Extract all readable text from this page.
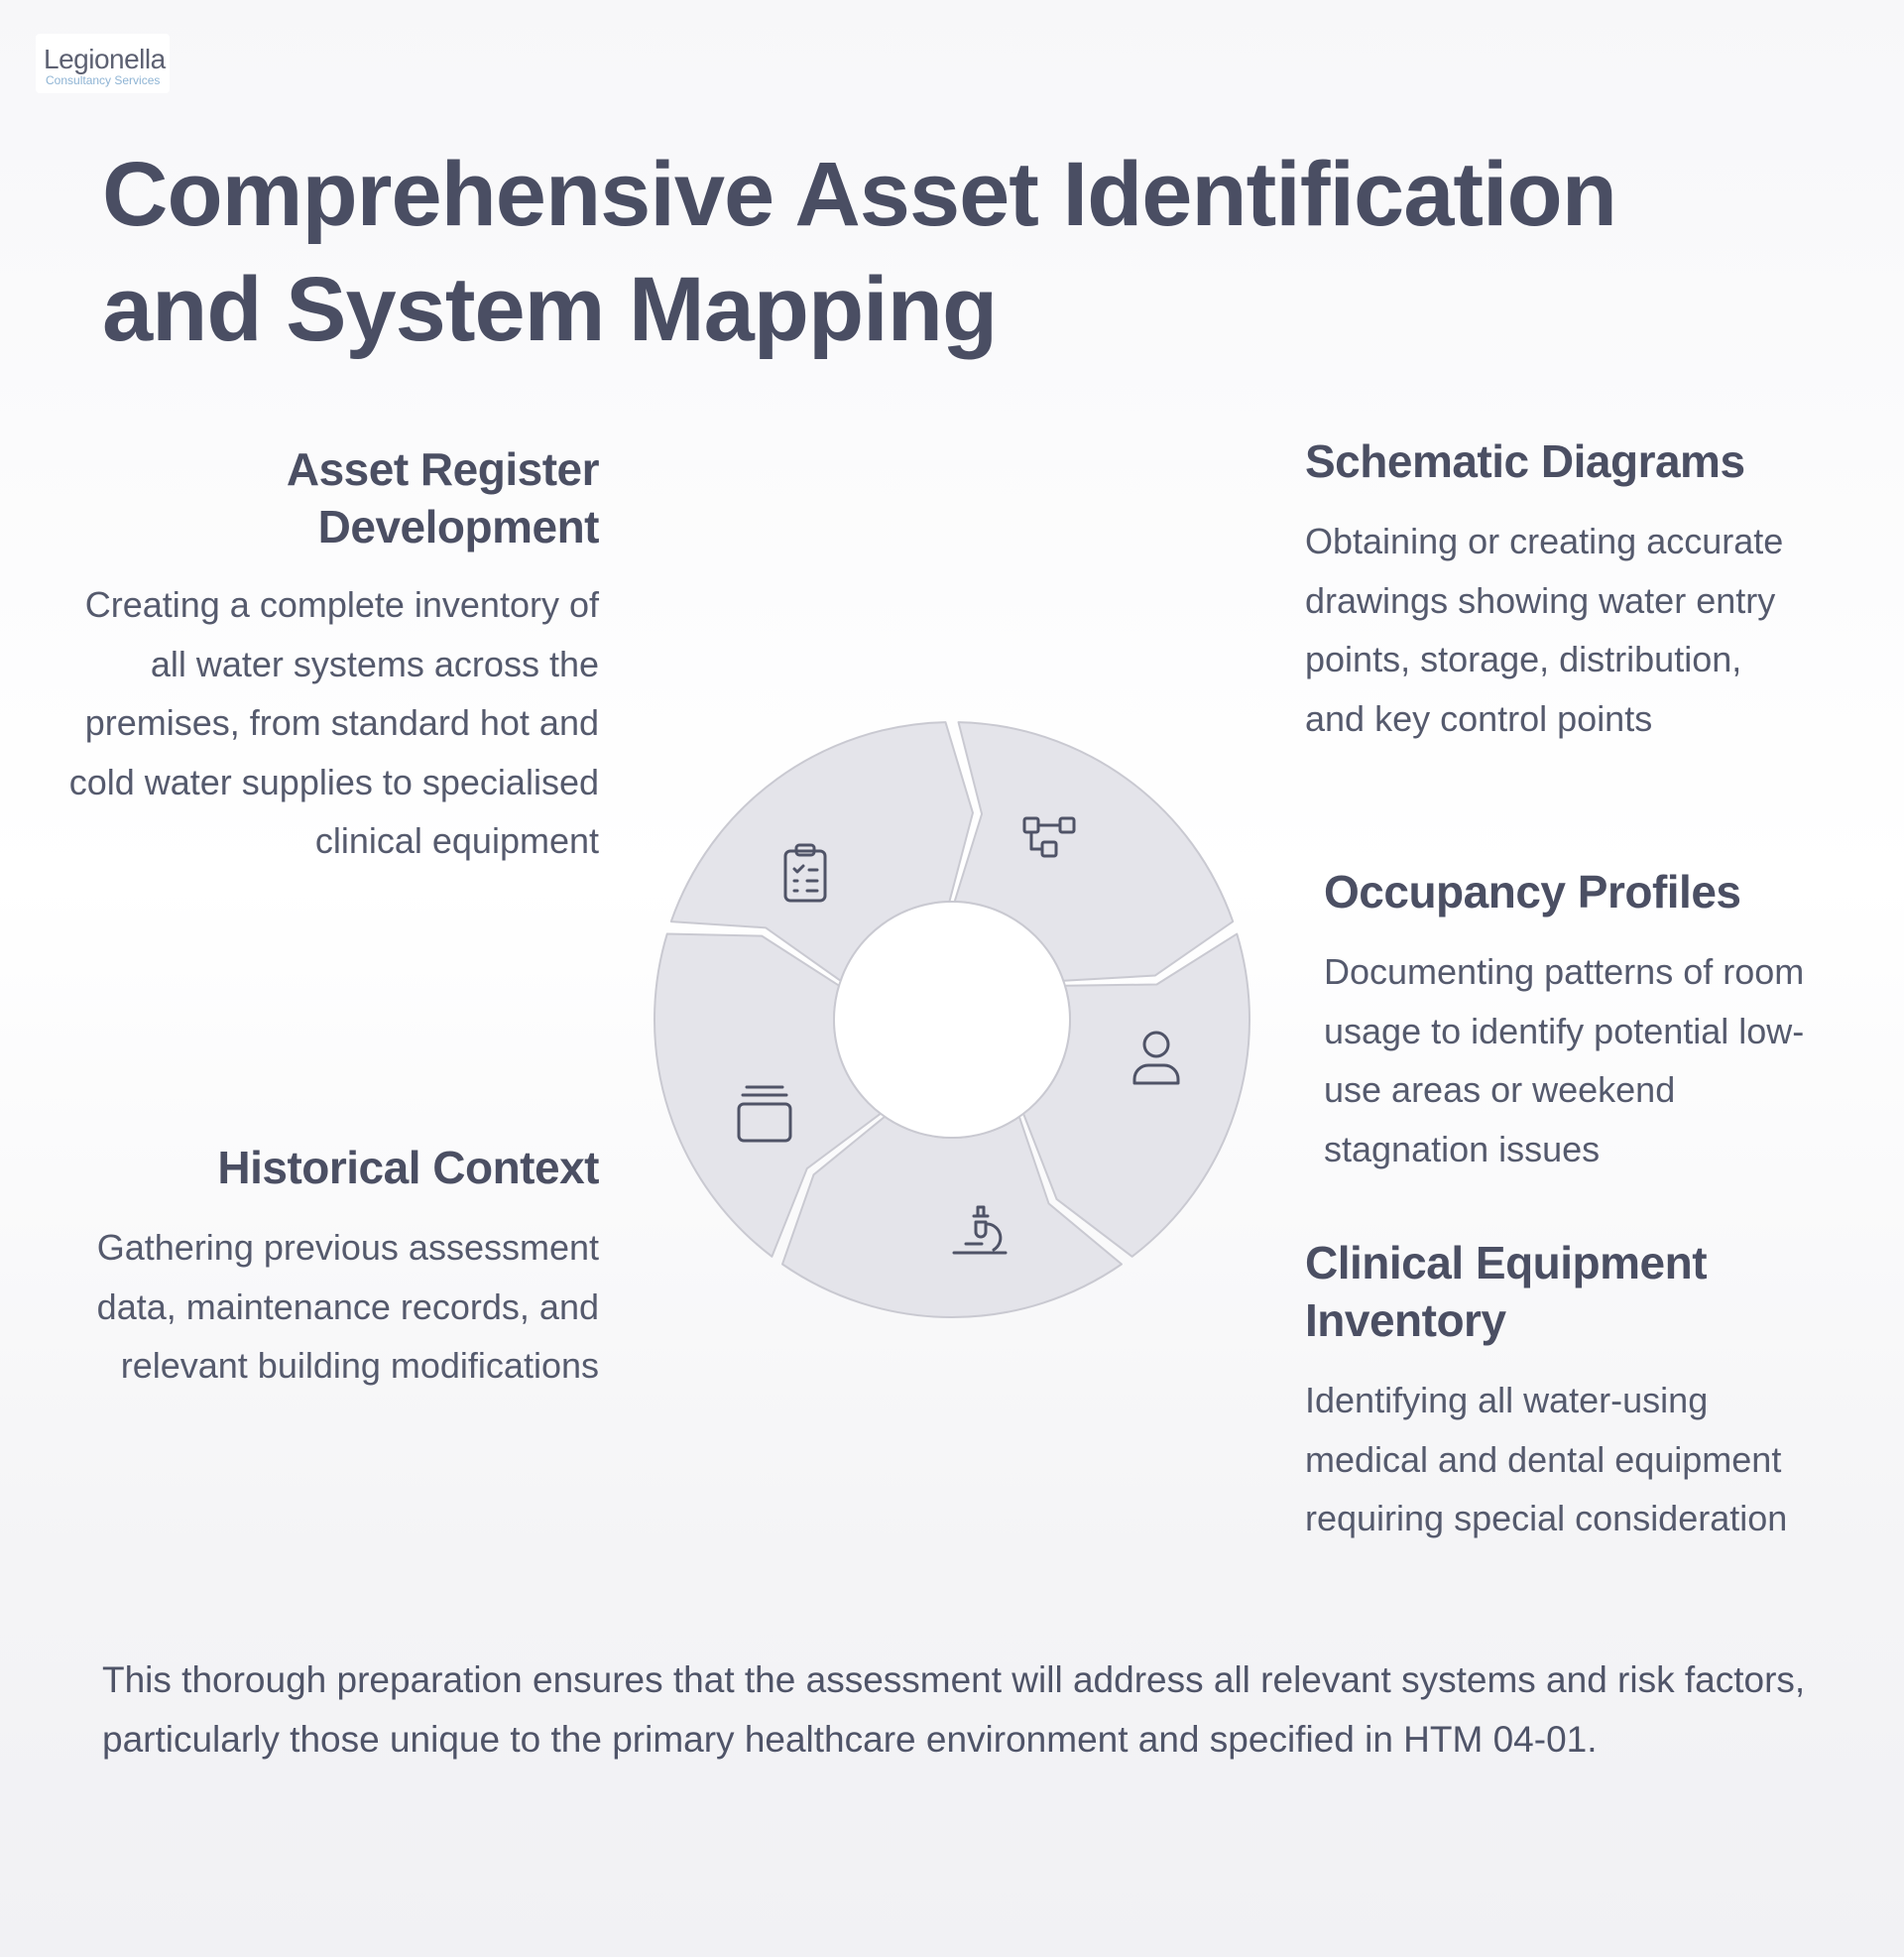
Legionella
Consultancy Services
Comprehensive Asset Identification and System Mapping
Asset Register Development

Creating a complete inventory of all water systems across the premises, from standard hot and cold water supplies to specialised clinical equipment

Historical Context

Gathering previous assessment data, maintenance records, and relevant building modifications

Schematic Diagrams

Obtaining or creating accurate drawings showing water entry points, storage, distribution, and key control points

Occupancy Profiles

Documenting patterns of room usage to identify potential low-use areas or weekend stagnation issues

Clinical Equipment Inventory

Identifying all water-using medical and dental equipment requiring special consideration

This thorough preparation ensures that the assessment will address all relevant systems and risk factors, particularly those unique to the primary healthcare environment and specified in HTM 04-01.
